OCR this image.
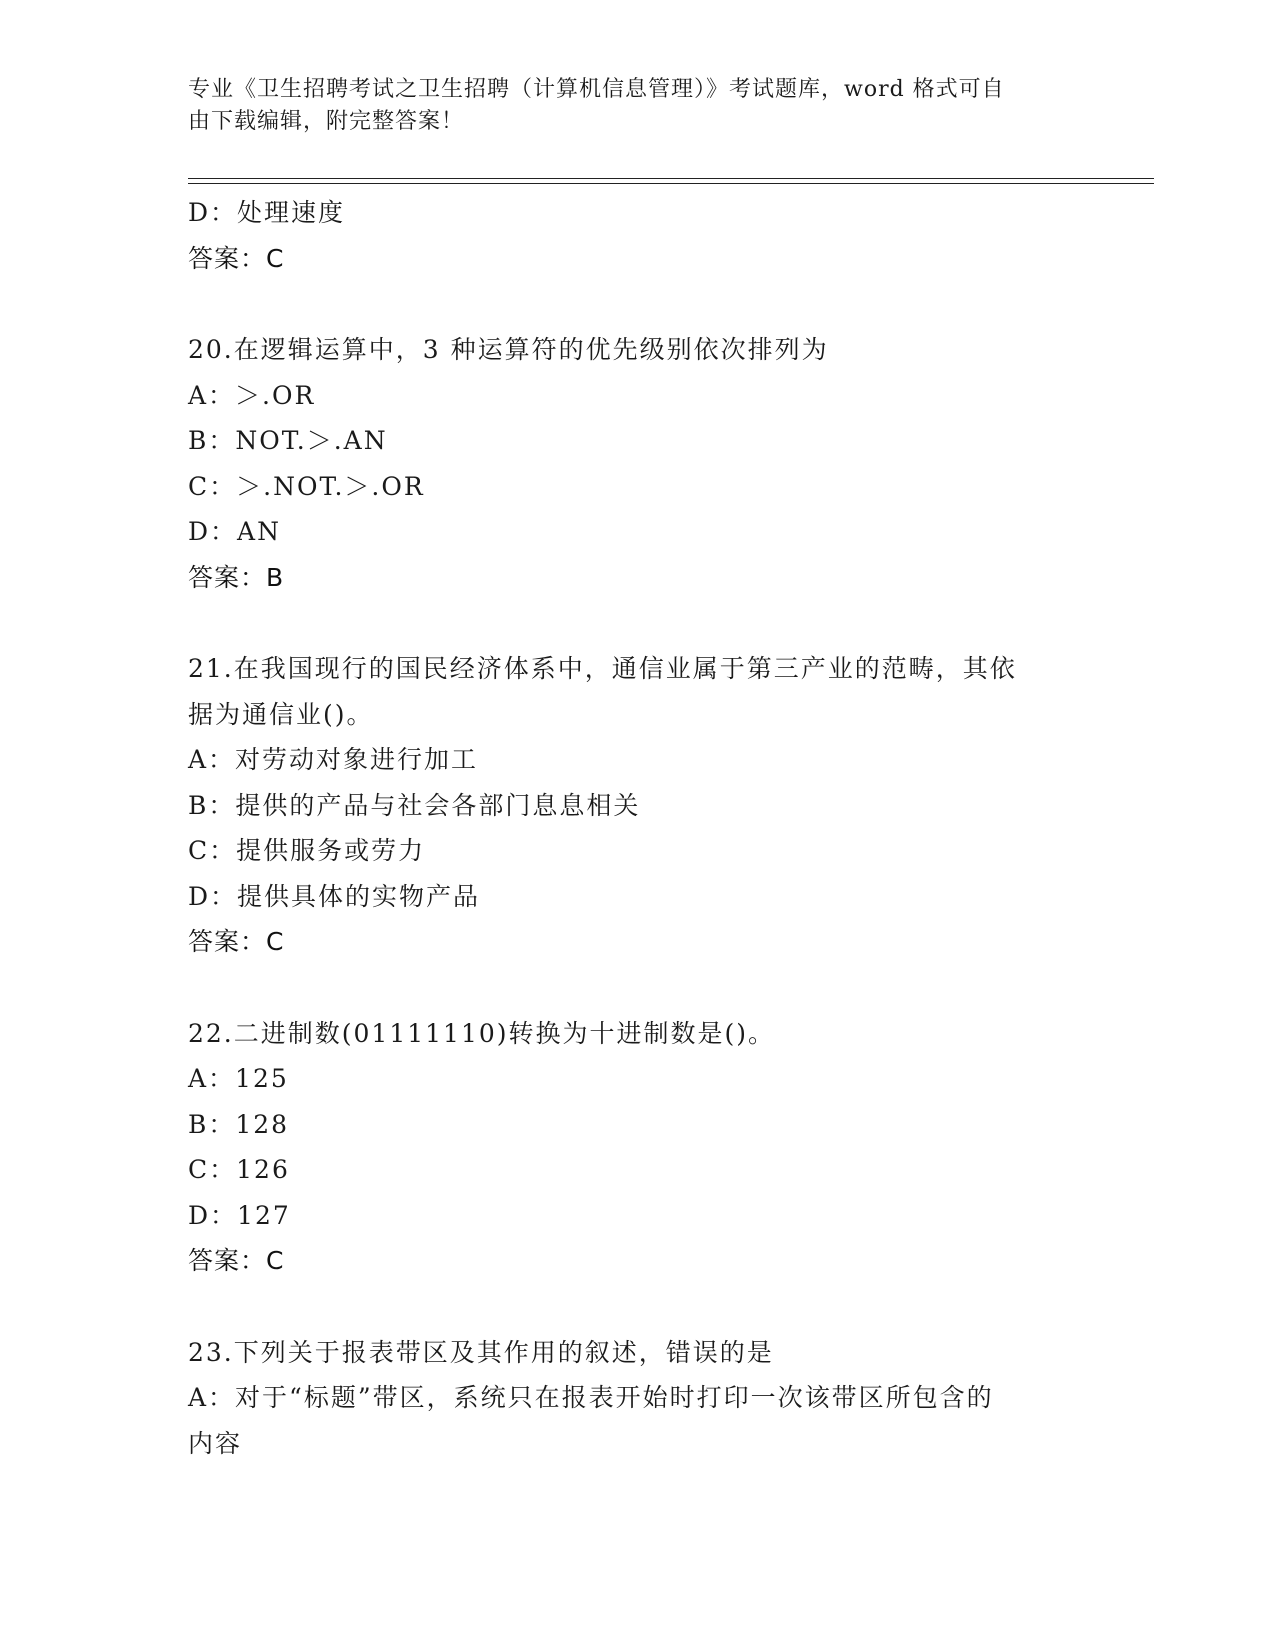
专业《卫生招聘考试之卫生招聘（计算机信息管理）》考试题库，word 格式可自
由下载编辑，附完整答案！
D：处理速度
答案：C
20.在逻辑运算中，3 种运算符的优先级别依次排列为
A：＞.OR
B：NOT.＞.AN
C：＞.NOT.＞.OR
D：AN
答案：B
21.在我国现行的国民经济体系中，通信业属于第三产业的范畴，其依
据为通信业()。
A：对劳动对象进行加工
B：提供的产品与社会各部门息息相关
C：提供服务或劳力
D：提供具体的实物产品
答案：C
22.二进制数(01111110)转换为十进制数是()。
A：125
B：128
C：126
D：127
答案：C
23.下列关于报表带区及其作用的叙述，错误的是
A：对于“标题”带区，系统只在报表开始时打印一次该带区所包含的
内容
